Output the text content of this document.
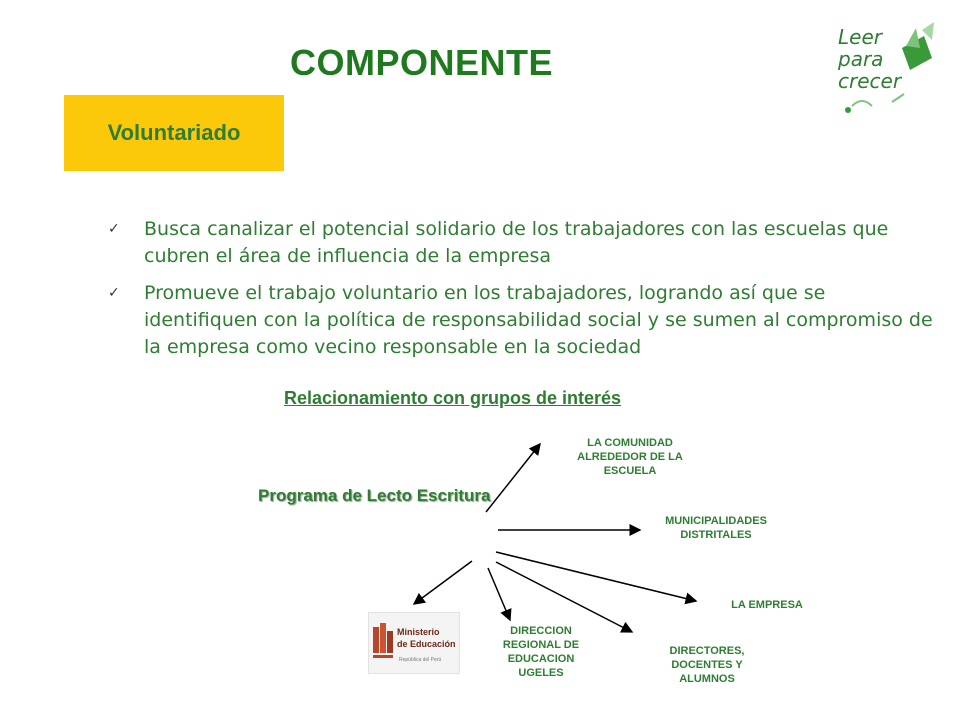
COMPONENTE
Voluntariado
Leer
para
crecer
✓ Busca canalizar el potencial solidario de los trabajadores con las escuelas que cubren el área de influencia de la empresa
✓ Promueve el trabajo voluntario en los trabajadores, logrando así que se identifiquen con la política de responsabilidad social y se sumen al compromiso de la empresa como vecino responsable en la sociedad
Relacionamiento con grupos de interés
Programa de Lecto Escritura
LA COMUNIDAD
ALREDEDOR DE LA
ESCUELA
MUNICIPALIDADES
DISTRITALES
LA EMPRESA
DIRECCION
REGIONAL DE
EDUCACION
UGELES
DIRECTORES,
DOCENTES Y
ALUMNOS
Ministerio
de Educación
República del Perú
